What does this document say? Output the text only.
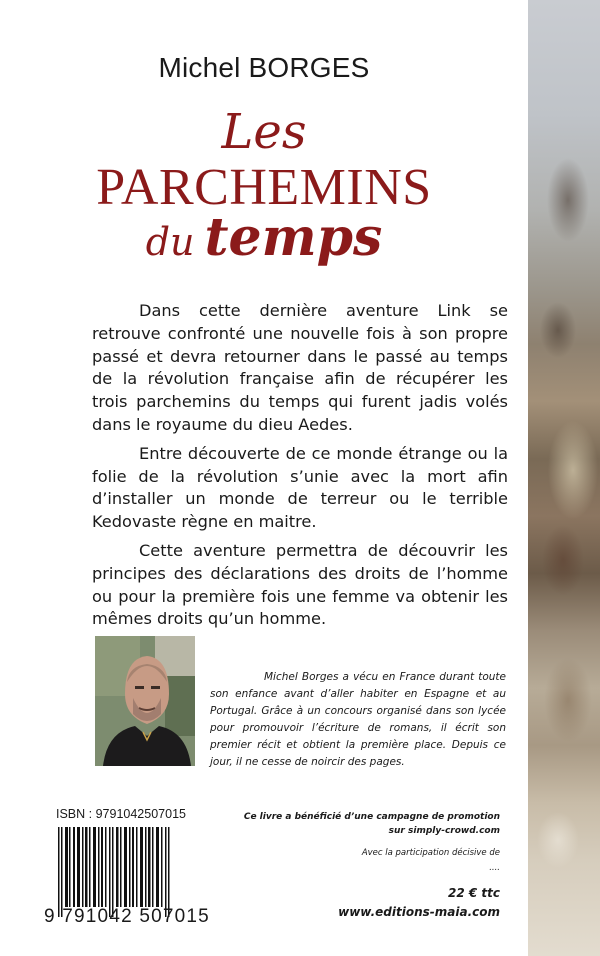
Michel BORGES
Les
PARCHEMINS
du temps

Dans cette dernière aventure Link se retrouve confronté une nouvelle fois à son propre passé et devra retourner dans le passé au temps de la révolution française afin de récupérer les trois parchemins du temps qui furent jadis volés dans le royaume du dieu Aedes.

Entre découverte de ce monde étrange ou la folie de la révolution s’unie avec la mort afin d’installer un monde de terreur ou le terrible Kedovaste règne en maitre.

Cette aventure permettra de découvrir les principes des déclarations des droits de l’homme ou pour la première fois une femme va obtenir les mêmes droits qu’un homme.

Michel Borges a vécu en France durant toute son enfance avant d’aller habiter en Espagne et au Portugal. Grâce à un concours organisé dans son lycée pour promouvoir l’écriture de romans, il écrit son premier récit et obtient la première place. Depuis ce jour, il ne cesse de noircir des pages.
ISBN : 9791042507015
9 791042 507015
Ce livre a bénéficié d’une campagne de promotion
sur simply-crowd.com
Avec la participation décisive de
....
22 € ttc
www.editions-maia.com
